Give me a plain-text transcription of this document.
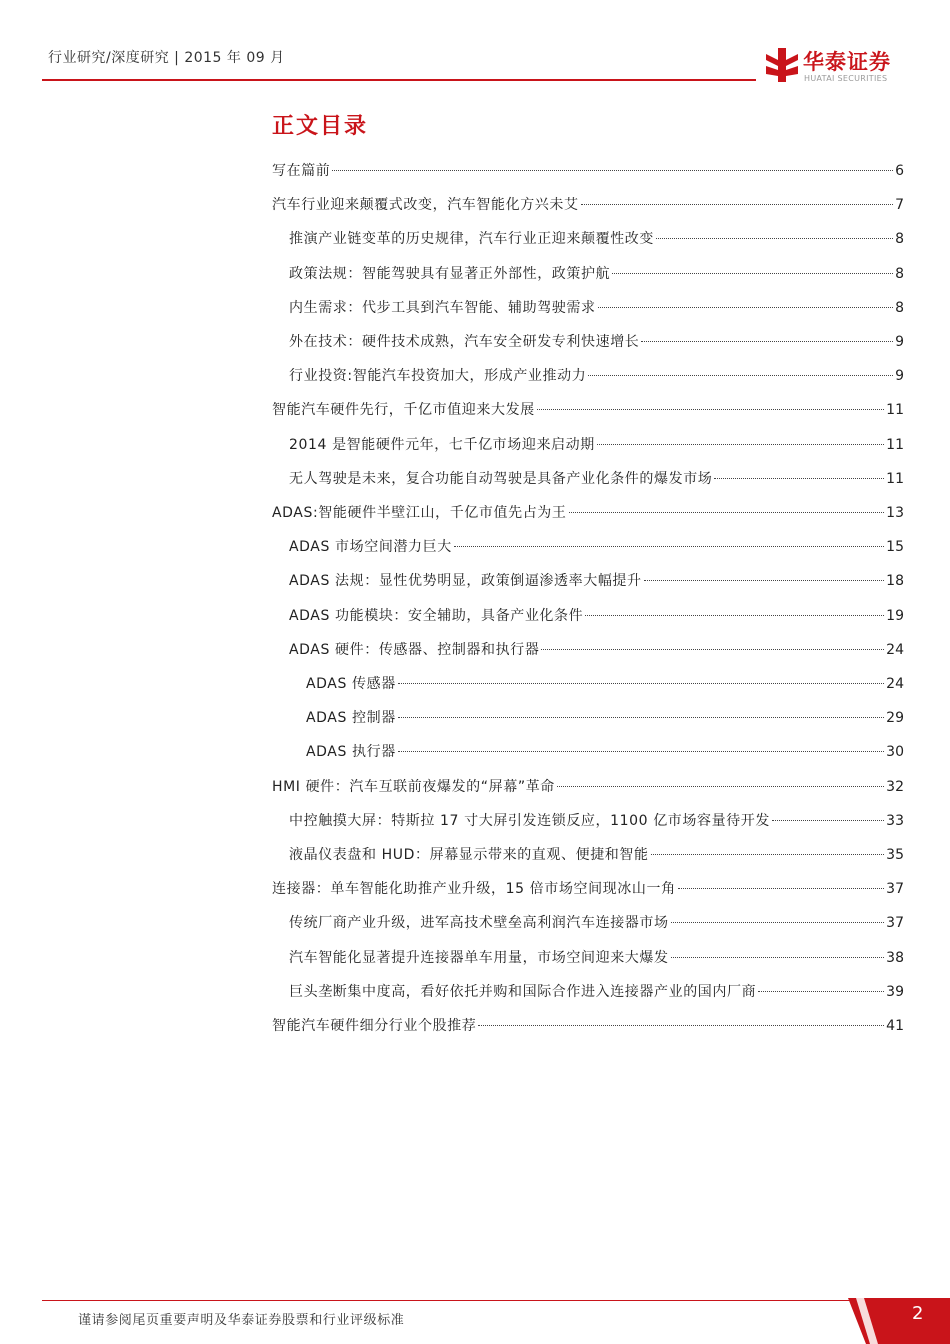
行业研究/深度研究 | 2015 年 09 月	华泰证券
HUATAI SECURITIES
正文目录
写在篇前	6
汽车行业迎来颠覆式改变，汽车智能化方兴未艾	7
推演产业链变革的历史规律，汽车行业正迎来颠覆性改变	8
政策法规：智能驾驶具有显著正外部性，政策护航	8
内生需求：代步工具到汽车智能、辅助驾驶需求	8
外在技术：硬件技术成熟，汽车安全研发专利快速增长	9
行业投资:智能汽车投资加大，形成产业推动力	9
智能汽车硬件先行，千亿市值迎来大发展	11
2014 是智能硬件元年，七千亿市场迎来启动期	11
无人驾驶是未来，复合功能自动驾驶是具备产业化条件的爆发市场	11
ADAS:智能硬件半壁江山，千亿市值先占为王	13
ADAS 市场空间潜力巨大	15
ADAS 法规：显性优势明显，政策倒逼渗透率大幅提升	18
ADAS 功能模块：安全辅助，具备产业化条件	19
ADAS 硬件：传感器、控制器和执行器	24
ADAS 传感器	24
ADAS 控制器	29
ADAS 执行器	30
HMI 硬件：汽车互联前夜爆发的“屏幕”革命	32
中控触摸大屏：特斯拉 17 寸大屏引发连锁反应，1100 亿市场容量待开发	33
液晶仪表盘和 HUD：屏幕显示带来的直观、便捷和智能	35
连接器：单车智能化助推产业升级，15 倍市场空间现冰山一角	37
传统厂商产业升级，进军高技术壁垒高利润汽车连接器市场	37
汽车智能化显著提升连接器单车用量，市场空间迎来大爆发	38
巨头垄断集中度高，看好依托并购和国际合作进入连接器产业的国内厂商	39
智能汽车硬件细分行业个股推荐	41
谨请参阅尾页重要声明及华泰证券股票和行业评级标准	2
